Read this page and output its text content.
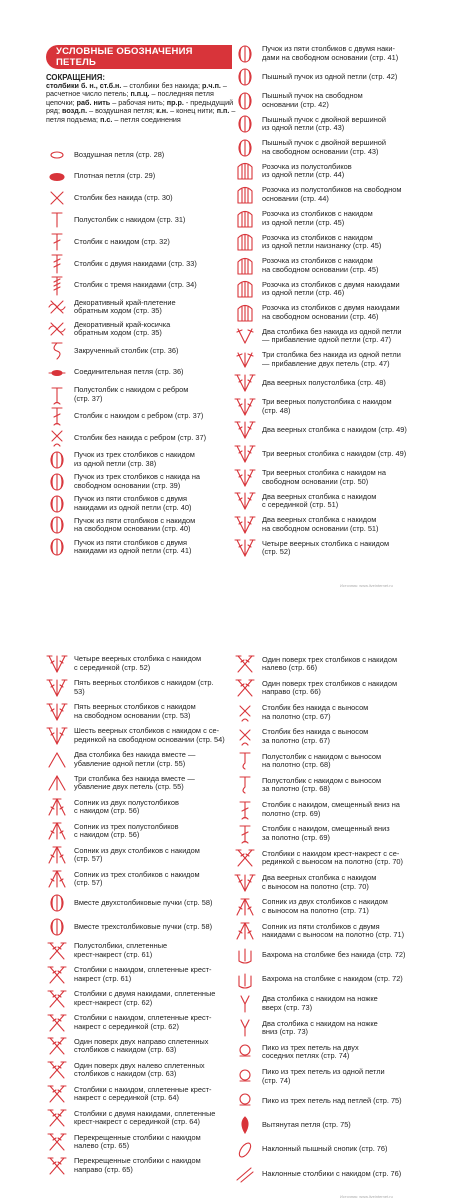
УСЛОВНЫЕ ОБОЗНАЧЕНИЯ ПЕТЕЛЬ
СОКРАЩЕНИЯ:
столбики б. н., ст.б.н. – столбики без накида; р.ч.п. – расчетное число петель; п.п.ц. – последняя петля цепочки; раб. нить – рабочая нить; пр.р. - предыдущий ряд; возд.п. – воздушная петля; к.н. – конец нити; п.п. – петля подъема; п.с. – петля соединения
Воздушная петля (стр. 28)
Плотная петля (стр. 29)
Столбик без накида (стр. 30)
Полустолбик с накидом (стр. 31)
Столбик с накидом (стр. 32)
Столбик с двумя накидами (стр. 33)
Столбик с тремя накидами (стр. 34)
Декоративный край-плетение
обратным ходом (стр. 35)
Декоративный край-косичка
обратным ходом (стр. 35)
Закрученный столбик (стр. 36)
Соединительная петля (стр. 36)
Полустолбик с накидом с ребром
(стр. 37)
Столбик с накидом с ребром (стр. 37)
Столбик без накида с ребром (стр. 37)
Пучок из трех столбиков с накидом
из одной петли (стр. 38)
Пучок из трех столбиков с накида на
свободном основании (стр. 39)
Пучок из пяти столбиков с двумя
накидами из одной петли (стр. 40)
Пучок из пяти столбиков с накидом
на свободном основании (стр. 40)
Пучок из пяти столбиков с двумя
накидами из одной петли (стр. 41)
Пучок из пяти столбиков с двумя наки-
дами на свободном основании (стр. 41)
Пышный пучок из одной петли (стр. 42)
Пышный пучок на свободном
основании (стр. 42)
Пышный пучок с двойной вершиной
из одной петли (стр. 43)
Пышный пучок с двойной вершиной
на свободном основании (стр. 43)
Розочка из полустолбиков
из одной петли (стр. 44)
Розочка из полустолбиков на свободном
основании (стр. 44)
Розочка из столбиков с накидом
из одной петли (стр. 45)
Розочка из столбиков с накидом
из одной петли наизнанку (стр. 45)
Розочка из столбиков с накидом
на свободном основании (стр. 45)
Розочка из столбиков с двумя накидами
из одной петли (стр. 46)
Розочка из столбиков с двумя накидами
на свободном основании (стр. 46)
Два столбика без накида из одной петли
— прибавление одной петли (стр. 47)
Три столбика без накида из одной петли
— прибавление двух петель (стр. 47)
Два веерных полустолбика (стр. 48)
Три веерных полустолбика с накидом
(стр. 48)
Два веерных столбика с накидом (стр. 49)
Три веерных столбика с накидом (стр. 49)
Три веерных столбика с накидом на
свободном основании (стр. 50)
Два веерных столбика с накидом
с серединкой (стр. 51)
Два веерных столбика с накидом
на свободном основании (стр. 51)
Четыре веерных столбика с накидом
(стр. 52)
Источник: www.liveinternet.ru
Четыре веерных столбика с накидом
с серединкой (стр. 52)
Пять веерных столбиков с накидом (стр.
53)
Пять веерных столбиков с накидом
на свободном основании (стр. 53)
Шесть веерных столбиков с накидом с се-
рединкой на свободном основании (стр. 54)
Два столбика без накида вместе —
убавление одной петли (стр. 55)
Три столбика без накида вместе —
убавление двух петель (стр. 55)
Сопник из двух полустолбиков
с накидом (стр. 56)
Сопник из трех полустолбиков
с накидом (стр. 56)
Сопник из двух столбиков с накидом
(стр. 57)
Сопник из трех столбиков с накидом
(стр. 57)
Вместе двухстолбиковые пучки (стр. 58)
Вместе трехстолбиковые пучки (стр. 58)
Полустолбики, сплетенные
крест-накрест (стр. 61)
Столбики с накидом, сплетенные крест-
накрест (стр. 61)
Столбики с двумя накидами, сплетенные
крест-накрест (стр. 62)
Столбики с накидом, сплетенные крест-
накрест с серединкой (стр. 62)
Один поверх двух направо сплетенных
столбиков с накидом (стр. 63)
Один поверх двух налево сплетенных
столбиков с накидом (стр. 63)
Столбики с накидом, сплетенные крест-
накрест с серединкой (стр. 64)
Столбики с двумя накидами, сплетенные
крест-накрест с серединкой (стр. 64)
Перекрещенные столбики с накидом
налево (стр. 65)
Перекрещенные столбики с накидом
направо (стр. 65)
Один поверх трех столбиков с накидом
налево (стр. 66)
Один поверх трех столбиков с накидом
направо (стр. 66)
Столбик без накида с выносом
на полотно (стр. 67)
Столбик без накида с выносом
за полотно (стр. 67)
Полустолбик с накидом с выносом
на полотно (стр. 68)
Полустолбик с накидом с выносом
за полотно (стр. 68)
Столбик с накидом, смещенный вниз на
полотно (стр. 69)
Столбик с накидом, смещенный вниз
за полотно (стр. 69)
Столбики с накидом крест-накрест с се-
рединкой с выносом на полотно (стр. 70)
Два веерных столбика с накидом
с выносом на полотно (стр. 70)
Сопник из двух столбиков с накидом
с выносом на полотно (стр. 71)
Сопник из пяти столбиков с двумя
накидами с выносом на полотно (стр. 71)
Бахрома на столбике без накида (стр. 72)
Бахрома на столбике с накидом (стр. 72)
Два столбика с накидом на ножке
вверх (стр. 73)
Два столбика с накидом на ножке
вниз (стр. 73)
Пико из трех петель на двух
соседних петлях (стр. 74)
Пико из трех петель из одной петли
(стр. 74)
Пико из трех петель над петлей (стр. 75)
Вытянутая петля (стр. 75)
Наклонный пышный снопик (стр. 76)
Наклонные столбики с накидом (стр. 76)
Источник: www.liveinternet.ru
